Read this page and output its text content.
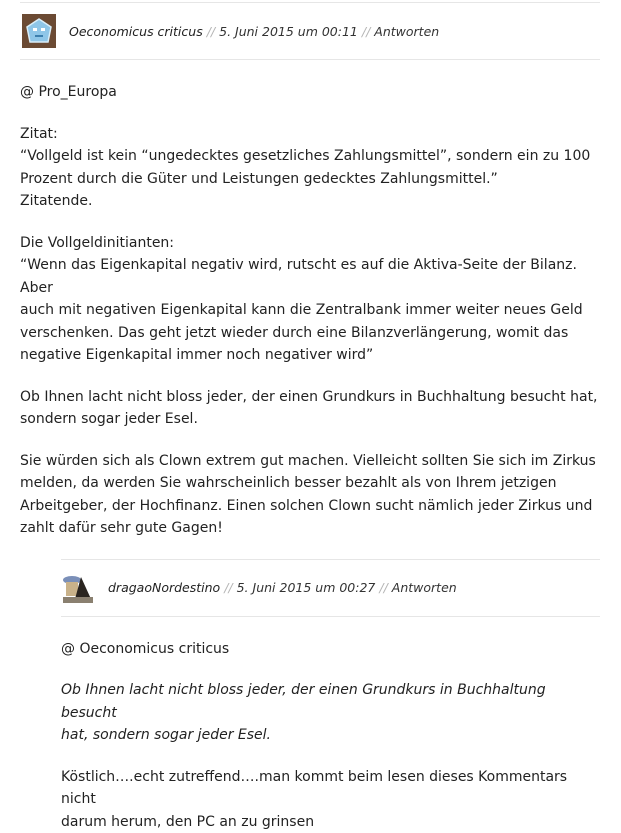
Oeconomicus criticus // 5. Juni 2015 um 00:11 // Antworten

@ Pro_Europa

Zitat:
“Vollgeld ist kein “ungedecktes gesetzliches Zahlungsmittel”, sondern ein zu 100
Prozent durch die Güter und Leistungen gedecktes Zahlungsmittel.”
Zitatende.

Die Vollgeldinitianten:
“Wenn das Eigenkapital negativ wird, rutscht es auf die Aktiva-Seite der Bilanz. Aber
auch mit negativen Eigenkapital kann die Zentralbank immer weiter neues Geld
verschenken. Das geht jetzt wieder durch eine Bilanzverlängerung, womit das
negative Eigenkapital immer noch negativer wird”

Ob Ihnen lacht nicht bloss jeder, der einen Grundkurs in Buchhaltung besucht hat,
sondern sogar jeder Esel.

Sie würden sich als Clown extrem gut machen. Vielleicht sollten Sie sich im Zirkus
melden, da werden Sie wahrscheinlich besser bezahlt als von Ihrem jetzigen
Arbeitgeber, der Hochfinanz. Einen solchen Clown sucht nämlich jeder Zirkus und
zahlt dafür sehr gute Gagen!

dragaoNordestino // 5. Juni 2015 um 00:27 // Antworten

@ Oeconomicus criticus

Ob Ihnen lacht nicht bloss jeder, der einen Grundkurs in Buchhaltung besucht
hat, sondern sogar jeder Esel.

Köstlich….echt zutreffend….man kommt beim lesen dieses Kommentars nicht
darum herum, den PC an zu grinsen
